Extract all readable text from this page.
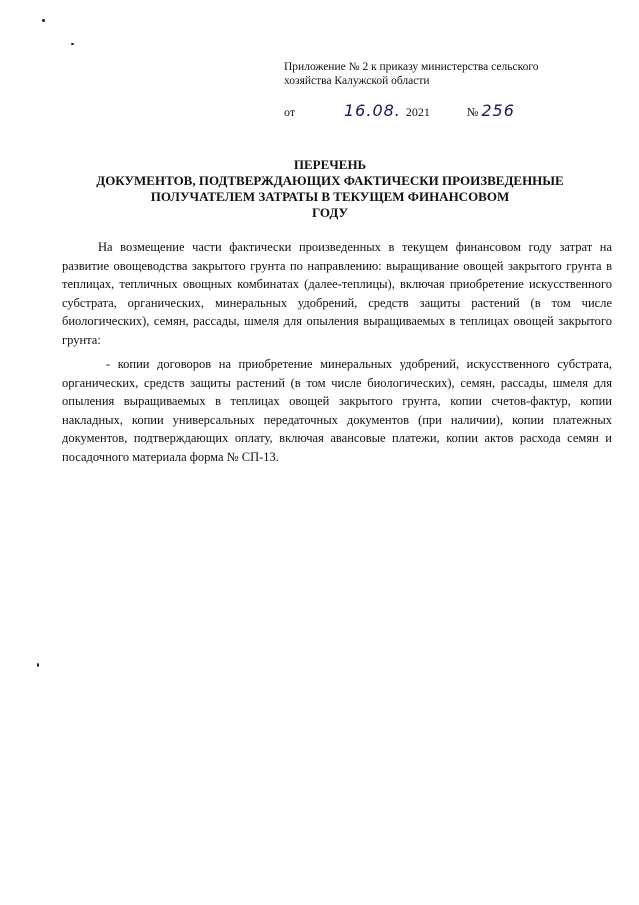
Приложение № 2 к приказу министерства сельского
хозяйства Калужской области
от	16.08. 2021	№ 256
ПЕРЕЧЕНЬ
ДОКУМЕНТОВ, ПОДТВЕРЖДАЮЩИХ ФАКТИЧЕСКИ ПРОИЗВЕДЕННЫЕ
ПОЛУЧАТЕЛЕМ ЗАТРАТЫ В ТЕКУЩЕМ ФИНАНСОВОМ
ГОДУ
На возмещение части фактически произведенных в текущем финансовом году затрат на развитие овощеводства закрытого грунта по направлению: выращивание овощей закрытого грунта в теплицах, тепличных овощных комбинатах (далее-теплицы), включая приобретение искусственного субстрата, органических, минеральных удобрений, средств защиты растений (в том числе биологических), семян, рассады, шмеля для опыления выращиваемых в теплицах овощей закрытого грунта:
- копии договоров на приобретение минеральных удобрений, искусственного субстрата, органических, средств защиты растений (в том числе биологических), семян, рассады, шмеля для опыления выращиваемых в теплицах овощей закрытого грунта, копии счетов-фактур, копии накладных, копии универсальных передаточных документов (при наличии), копии платежных документов, подтверждающих оплату, включая авансовые платежи, копии актов расхода семян и посадочного материала форма № СП-13.
